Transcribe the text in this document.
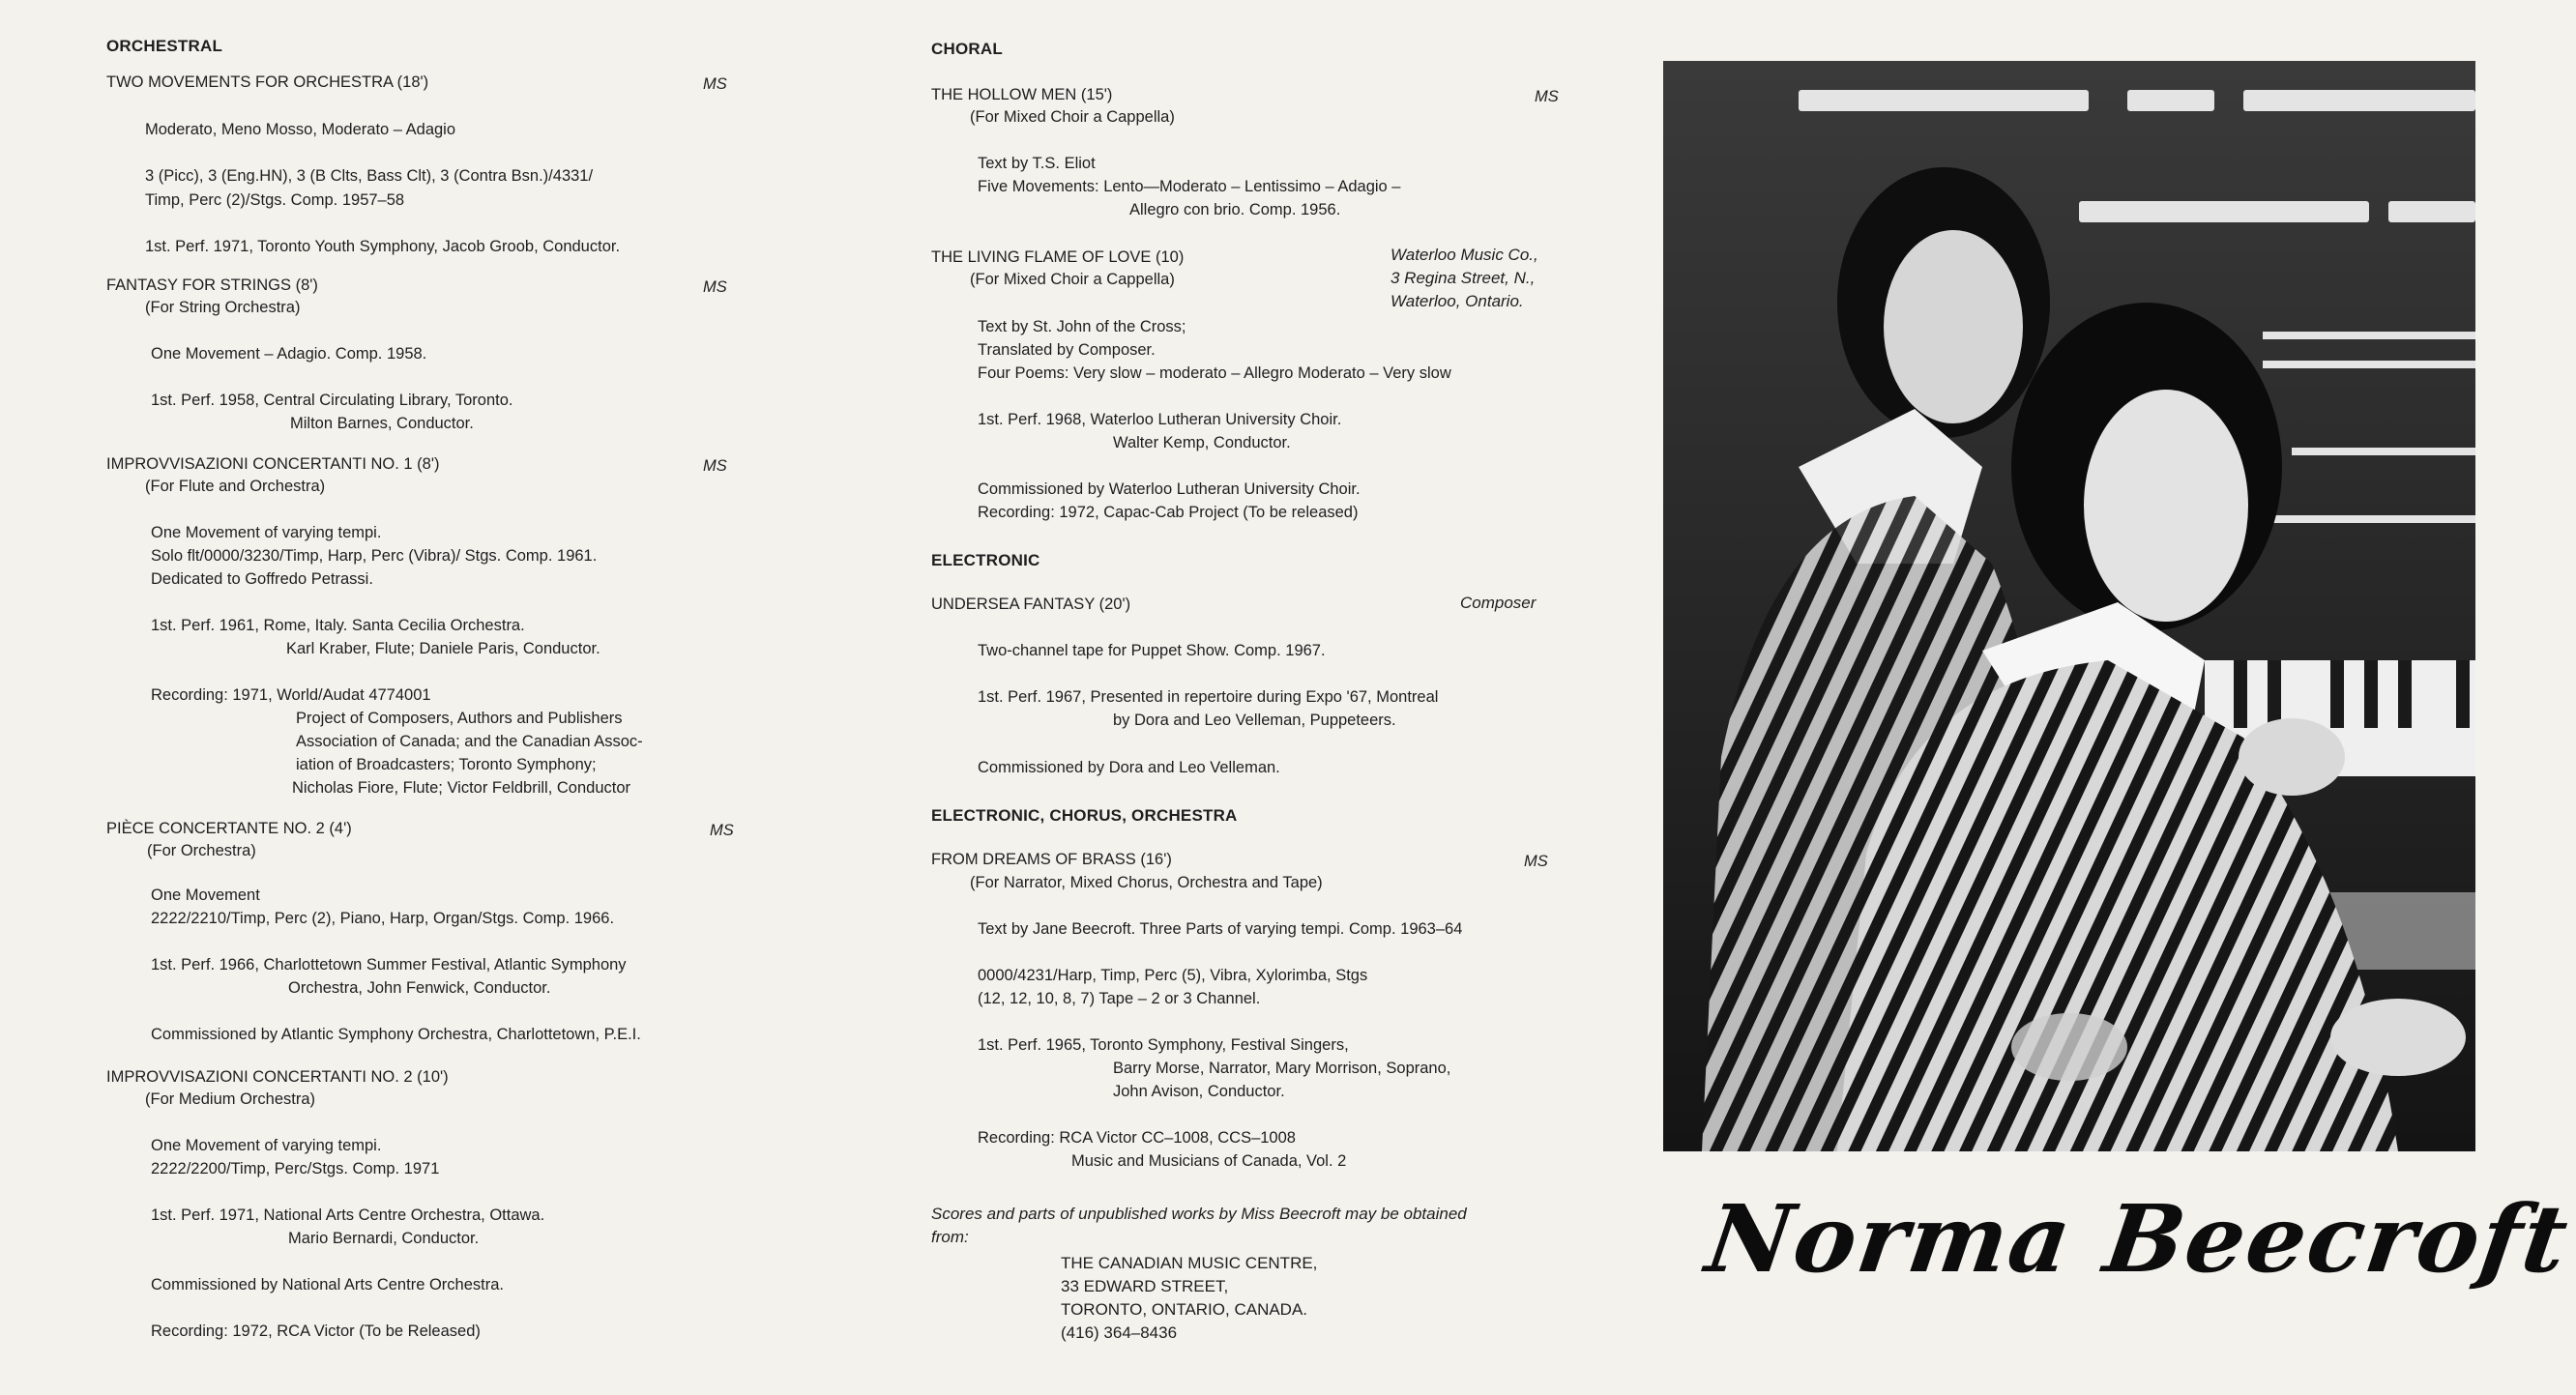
ORCHESTRAL
TWO MOVEMENTS FOR ORCHESTRA (18')	MS
Moderato, Meno Mosso, Moderato – Adagio
3 (Picc), 3 (Eng.HN), 3 (B Clts, Bass Clt), 3 (Contra Bsn.)/4331/
Timp, Perc (2)/Stgs. Comp. 1957–58
1st. Perf. 1971, Toronto Youth Symphony, Jacob Groob, Conductor.
FANTASY FOR STRINGS (8')	MS
(For String Orchestra)
One Movement – Adagio. Comp. 1958.
1st. Perf. 1958, Central Circulating Library, Toronto.
Milton Barnes, Conductor.
IMPROVVISAZIONI CONCERTANTI NO. 1 (8')	MS
(For Flute and Orchestra)
One Movement of varying tempi.
Solo flt/0000/3230/Timp, Harp, Perc (Vibra)/ Stgs. Comp. 1961.
Dedicated to Goffredo Petrassi.
1st. Perf. 1961, Rome, Italy. Santa Cecilia Orchestra.
Karl Kraber, Flute; Daniele Paris, Conductor.
Recording: 1971, World/Audat 4774001
Project of Composers, Authors and Publishers
Association of Canada; and the Canadian Assoc-
iation of Broadcasters; Toronto Symphony;
Nicholas Fiore, Flute; Victor Feldbrill, Conductor
PIÈCE CONCERTANTE NO. 2 (4')	MS
(For Orchestra)
One Movement
2222/2210/Timp, Perc (2), Piano, Harp, Organ/Stgs. Comp. 1966.
1st. Perf. 1966, Charlottetown Summer Festival, Atlantic Symphony
Orchestra, John Fenwick, Conductor.
Commissioned by Atlantic Symphony Orchestra, Charlottetown, P.E.I.
IMPROVVISAZIONI CONCERTANTI NO. 2 (10')
(For Medium Orchestra)
One Movement of varying tempi.
2222/2200/Timp, Perc/Stgs. Comp. 1971
1st. Perf. 1971, National Arts Centre Orchestra, Ottawa.
Mario Bernardi, Conductor.
Commissioned by National Arts Centre Orchestra.
Recording: 1972, RCA Victor (To be Released)
CHORAL
THE HOLLOW MEN (15')	MS
(For Mixed Choir a Cappella)
Text by T.S. Eliot
Five Movements: Lento—Moderato – Lentissimo – Adagio –
Allegro con brio. Comp. 1956.
THE LIVING FLAME OF LOVE (10)	Waterloo Music Co.,
3 Regina Street, N.,
Waterloo, Ontario.
(For Mixed Choir a Cappella)
Text by St. John of the Cross;
Translated by Composer.
Four Poems: Very slow – moderato – Allegro Moderato – Very slow
1st. Perf. 1968, Waterloo Lutheran University Choir.
Walter Kemp, Conductor.
Commissioned by Waterloo Lutheran University Choir.
Recording: 1972, Capac-Cab Project (To be released)
ELECTRONIC
UNDERSEA FANTASY (20')	Composer
Two-channel tape for Puppet Show. Comp. 1967.
1st. Perf. 1967, Presented in repertoire during Expo '67, Montreal
by Dora and Leo Velleman, Puppeteers.
Commissioned by Dora and Leo Velleman.
ELECTRONIC, CHORUS, ORCHESTRA
FROM DREAMS OF BRASS (16')	MS
(For Narrator, Mixed Chorus, Orchestra and Tape)
Text by Jane Beecroft. Three Parts of varying tempi. Comp. 1963–64
0000/4231/Harp, Timp, Perc (5), Vibra, Xylorimba, Stgs
(12, 12, 10, 8, 7) Tape – 2 or 3 Channel.
1st. Perf. 1965, Toronto Symphony, Festival Singers,
Barry Morse, Narrator, Mary Morrison, Soprano,
John Avison, Conductor.
Recording: RCA Victor CC–1008, CCS–1008
Music and Musicians of Canada, Vol. 2
Scores and parts of unpublished works by Miss Beecroft may be obtained
from:
THE CANADIAN MUSIC CENTRE,
33 EDWARD STREET,
TORONTO, ONTARIO, CANADA.
(416) 364–8436
Norma Beecroft
